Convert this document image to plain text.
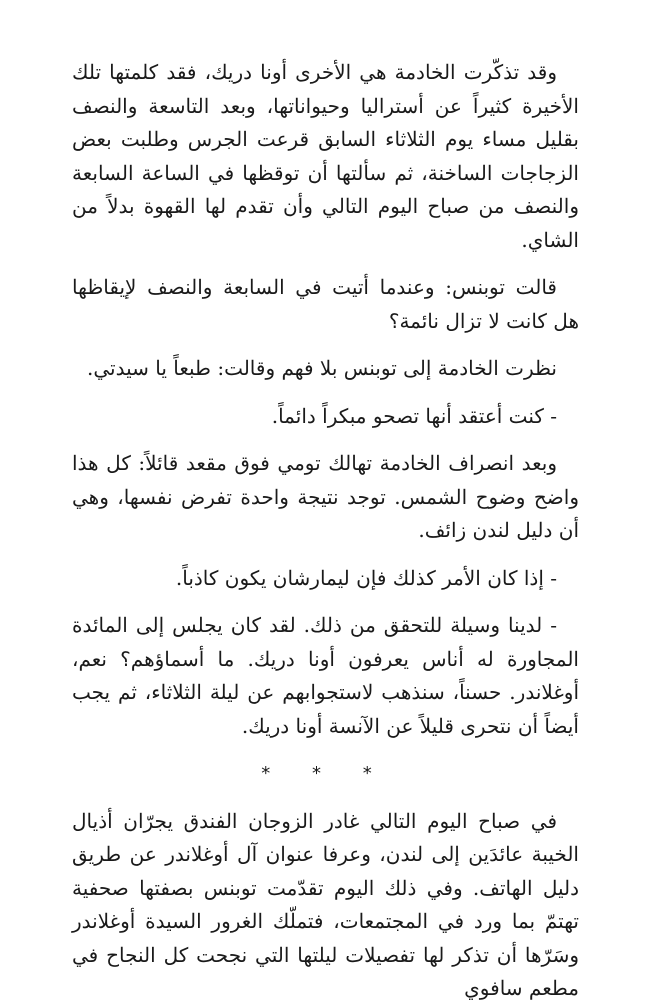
وقد تذكّرت الخادمة هي الأخرى أونا دريك، فقد كلمتها تلك الأخيرة كثيراً عن أستراليا وحيواناتها، وبعد التاسعة والنصف بقليل مساء يوم الثلاثاء السابق قرعت الجرس وطلبت بعض الزجاجات الساخنة، ثم سألتها أن توقظها في الساعة السابعة والنصف من صباح اليوم التالي وأن تقدم لها القهوة بدلاً من الشاي.

قالت توبنس: وعندما أتيت في السابعة والنصف لإيقاظها هل كانت لا تزال نائمة؟

نظرت الخادمة إلى توبنس بلا فهم وقالت: طبعاً يا سيدتي.

- كنت أعتقد أنها تصحو مبكراً دائماً.

وبعد انصراف الخادمة تهالك تومي فوق مقعد قائلاً: كل هذا واضح وضوح الشمس. توجد نتيجة واحدة تفرض نفسها، وهي أن دليل لندن زائف.

- إذا كان الأمر كذلك فإن ليمارشان يكون كاذباً.

- لدينا وسيلة للتحقق من ذلك. لقد كان يجلس إلى المائدة المجاورة له أناس يعرفون أونا دريك. ما أسماؤهم؟ نعم، أوغلاندر. حسناً، سنذهب لاستجوابهم عن ليلة الثلاثاء، ثم يجب أيضاً أن نتحرى قليلاً عن الآنسة أونا دريك.

* * *

في صباح اليوم التالي غادر الزوجان الفندق يجرّان أذيال الخيبة عائدَين إلى لندن، وعرفا عنوان آل أوغلاندر عن طريق دليل الهاتف. وفي ذلك اليوم تقدّمت توبنس بصفتها صحفية تهتمّ بما ورد في المجتمعات، فتملّك الغرور السيدة أوغلاندر وسَرّها أن تذكر لها تفصيلات ليلتها التي نجحت كل النجاح في مطعم سافوي
